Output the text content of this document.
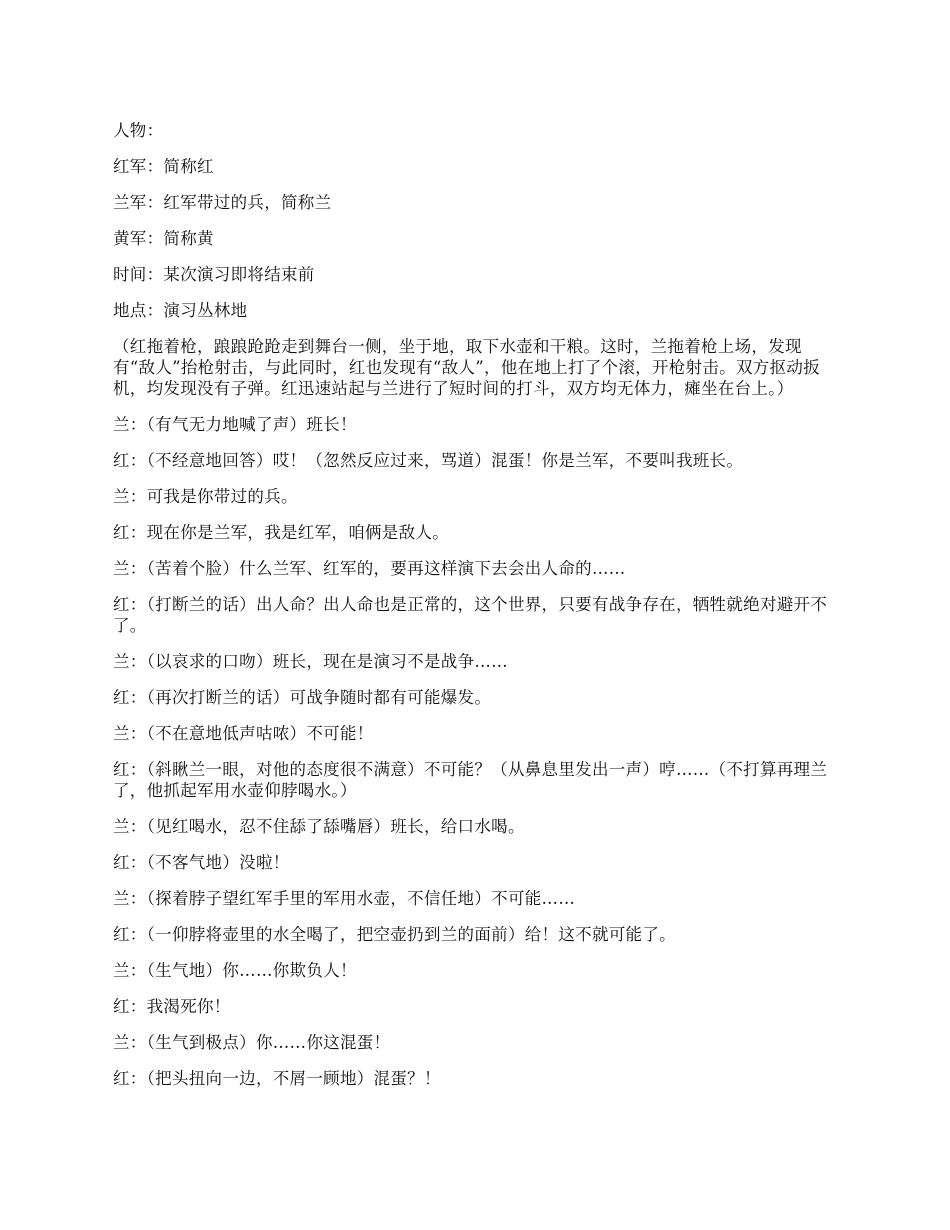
人物：

红军：简称红

兰军：红军带过的兵，简称兰

黄军：简称黄

时间：某次演习即将结束前

地点：演习丛林地

（红拖着枪，踉踉跄跄走到舞台一侧，坐于地，取下水壶和干粮。这时，兰拖着枪上场，发现有“敌人”抬枪射击，与此同时，红也发现有“敌人”，他在地上打了个滚，开枪射击。双方抠动扳机，均发现没有子弹。红迅速站起与兰进行了短时间的打斗，双方均无体力，瘫坐在台上。）

兰：（有气无力地喊了声）班长！

红：（不经意地回答）哎！（忽然反应过来，骂道）混蛋！你是兰军，不要叫我班长。

兰：可我是你带过的兵。

红：现在你是兰军，我是红军，咱俩是敌人。

兰：（苦着个脸）什么兰军、红军的，要再这样演下去会出人命的……

红：（打断兰的话）出人命？出人命也是正常的，这个世界，只要有战争存在，牺牲就绝对避开不了。

兰：（以哀求的口吻）班长，现在是演习不是战争……

红：（再次打断兰的话）可战争随时都有可能爆发。

兰：（不在意地低声咕哝）不可能！

红：（斜瞅兰一眼，对他的态度很不满意）不可能？（从鼻息里发出一声）哼……（不打算再理兰了，他抓起军用水壶仰脖喝水。）

兰：（见红喝水，忍不住舔了舔嘴唇）班长，给口水喝。

红：（不客气地）没啦！

兰：（探着脖子望红军手里的军用水壶，不信任地）不可能……

红：（一仰脖将壶里的水全喝了，把空壶扔到兰的面前）给！这不就可能了。

兰：（生气地）你……你欺负人！

红：我渴死你！

兰：（生气到极点）你……你这混蛋！

红：（把头扭向一边，不屑一顾地）混蛋？！
